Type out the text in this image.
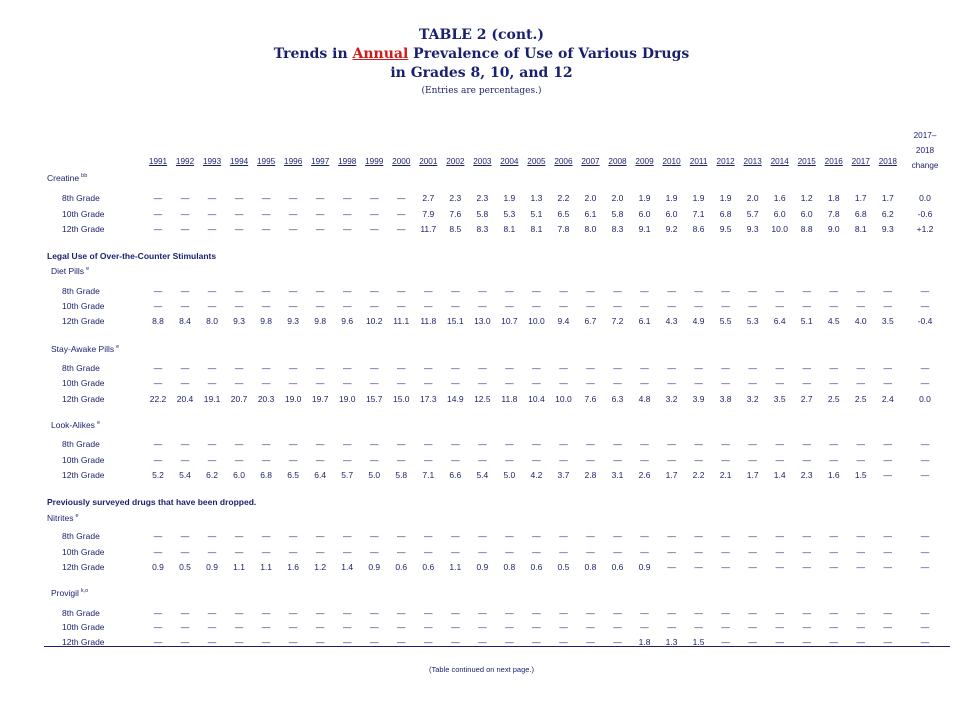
TABLE 2 (cont.)
Trends in Annual Prevalence of Use of Various Drugs
in Grades 8, 10, and 12
(Entries are percentages.)
1991	1992	1993	1994	1995	1996	1997	1998	1999	2000	2001	2002	2003	2004	2005	2006	2007	2008	2009	2010	2011	2012	2013	2014	2015	2016	2017	2018
2017–
2018
change
Creatine $^{bb}$
8th Grade	—	—	—	—	—	—	—	—	—	—	2.7	2.3	2.3	1.9	1.3	2.2	2.0	2.0	1.9	1.9	1.9	1.9	2.0	1.6	1.2	1.8	1.7	1.7	0.0
10th Grade	—	—	—	—	—	—	—	—	—	—	7.9	7.6	5.8	5.3	5.1	6.5	6.1	5.8	6.0	6.0	7.1	6.8	5.7	6.0	6.0	7.8	6.8	6.2	-0.6
12th Grade	—	—	—	—	—	—	—	—	—	—	11.7	8.5	8.3	8.1	8.1	7.8	8.0	8.3	9.1	9.2	8.6	9.5	9.3	10.0	8.8	9.0	8.1	9.3	+1.2
Legal Use of Over-the-Counter Stimulants
Diet Pills $^e$
8th Grade	—	—	—	—	—	—	—	—	—	—	—	—	—	—	—	—	—	—	—	—	—	—	—	—	—	—	—	—	—
10th Grade	—	—	—	—	—	—	—	—	—	—	—	—	—	—	—	—	—	—	—	—	—	—	—	—	—	—	—	—	—
12th Grade	8.8	8.4	8.0	9.3	9.8	9.3	9.8	9.6	10.2	11.1	11.8	15.1	13.0	10.7	10.0	9.4	6.7	7.2	6.1	4.3	4.9	5.5	5.3	6.4	5.1	4.5	4.0	3.5	-0.4
Stay-Awake Pills $^e$
8th Grade	—	—	—	—	—	—	—	—	—	—	—	—	—	—	—	—	—	—	—	—	—	—	—	—	—	—	—	—	—
10th Grade	—	—	—	—	—	—	—	—	—	—	—	—	—	—	—	—	—	—	—	—	—	—	—	—	—	—	—	—	—
12th Grade	22.2	20.4	19.1	20.7	20.3	19.0	19.7	19.0	15.7	15.0	17.3	14.9	12.5	11.8	10.4	10.0	7.6	6.3	4.8	3.2	3.9	3.8	3.2	3.5	2.7	2.5	2.5	2.4	0.0
Look-Alikes $^e$
8th Grade	—	—	—	—	—	—	—	—	—	—	—	—	—	—	—	—	—	—	—	—	—	—	—	—	—	—	—	—	—
10th Grade	—	—	—	—	—	—	—	—	—	—	—	—	—	—	—	—	—	—	—	—	—	—	—	—	—	—	—	—	—
12th Grade	5.2	5.4	6.2	6.0	6.8	6.5	6.4	5.7	5.0	5.8	7.1	6.6	5.4	5.0	4.2	3.7	2.8	3.1	2.6	1.7	2.2	2.1	1.7	1.4	2.3	1.6	1.5	—	—
Previously surveyed drugs that have been dropped.
Nitrites $^e$
8th Grade	—	—	—	—	—	—	—	—	—	—	—	—	—	—	—	—	—	—	—	—	—	—	—	—	—	—	—	—	—
10th Grade	—	—	—	—	—	—	—	—	—	—	—	—	—	—	—	—	—	—	—	—	—	—	—	—	—	—	—	—	—
12th Grade	0.9	0.5	0.9	1.1	1.1	1.6	1.2	1.4	0.9	0.6	0.6	1.1	0.9	0.8	0.6	0.5	0.8	0.6	0.9	—	—	—	—	—	—	—	—	—	—
Provigil $^{k,o}$
8th Grade	—	—	—	—	—	—	—	—	—	—	—	—	—	—	—	—	—	—	—	—	—	—	—	—	—	—	—	—	—
10th Grade	—	—	—	—	—	—	—	—	—	—	—	—	—	—	—	—	—	—	—	—	—	—	—	—	—	—	—	—	—
12th Grade	—	—	—	—	—	—	—	—	—	—	—	—	—	—	—	—	—	—	1.8	1.3	1.5	—	—	—	—	—	—	—	—
(Table continued on next page.)
